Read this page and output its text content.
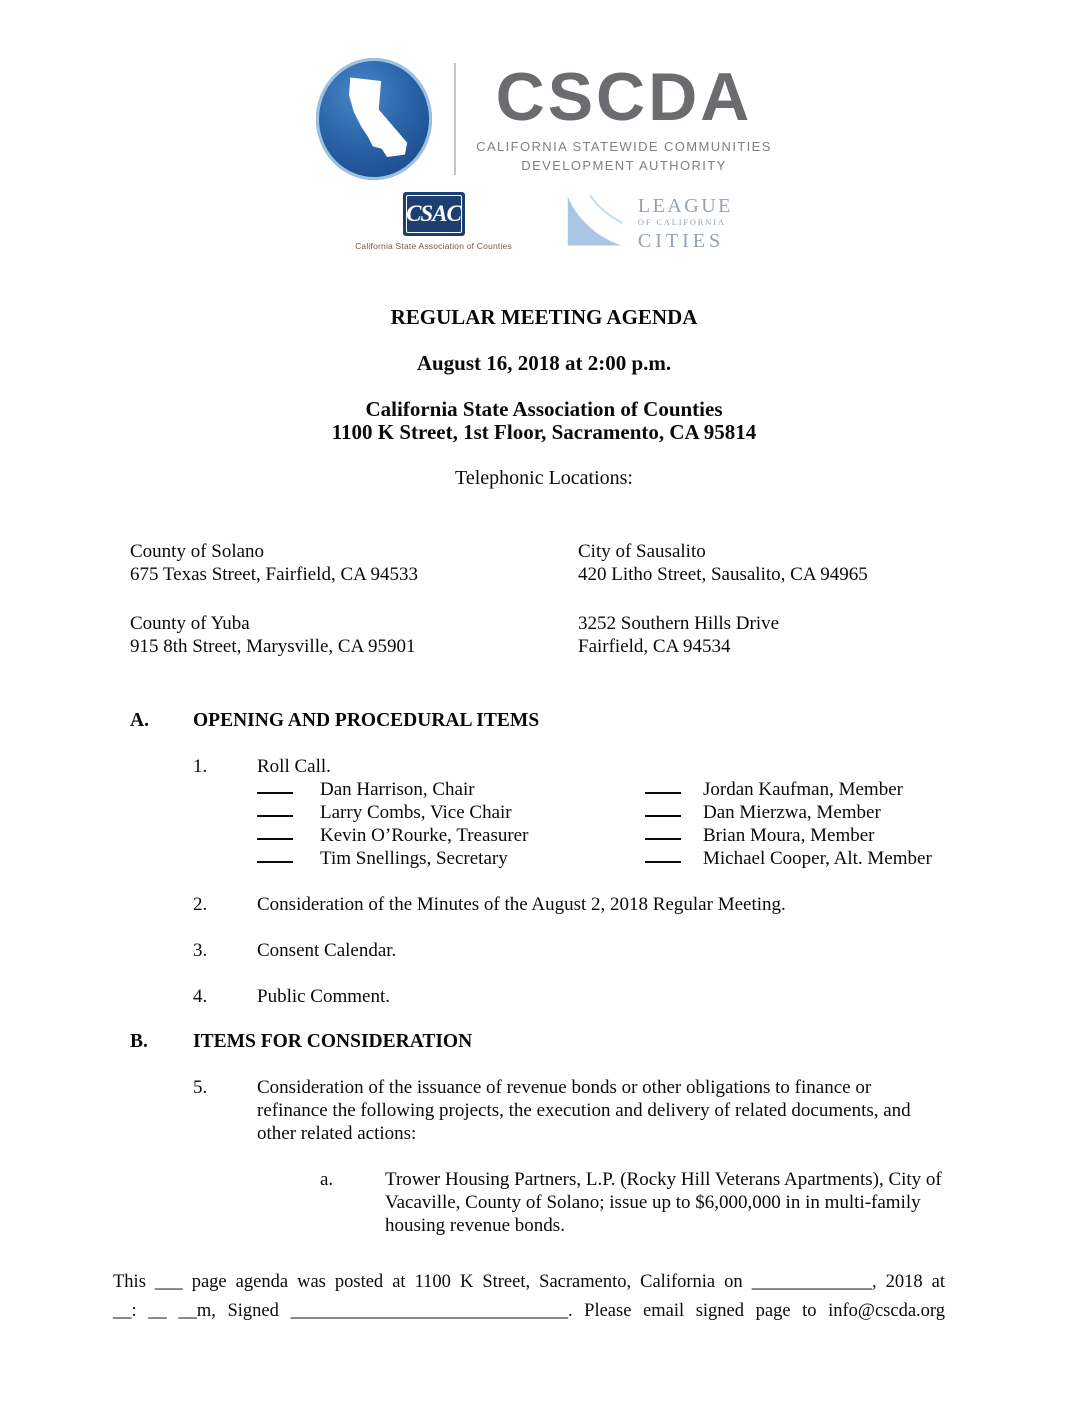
CSCDA
CALIFORNIA STATEWIDE COMMUNITIES
DEVELOPMENT AUTHORITY
CSAC
California State Association of Counties
LEAGUE
OF CALIFORNIA
CITIES

REGULAR MEETING AGENDA

August 16, 2018 at 2:00 p.m.

California State Association of Counties
1100 K Street, 1st Floor, Sacramento, CA 95814

Telephonic Locations:

County of Solano
675 Texas Street, Fairfield, CA 94533
City of Sausalito
420 Litho Street, Sausalito, CA 94965
County of Yuba
915 8th Street, Marysville, CA 95901
3252 Southern Hills Drive
Fairfield, CA 94534
A.	OPENING AND PROCEDURAL ITEMS
1.	Roll Call.
Dan Harrison, Chair	Jordan Kaufman, Member
Larry Combs, Vice Chair	Dan Mierzwa, Member
Kevin O’Rourke, Treasurer	Brian Moura, Member
Tim Snellings, Secretary	Michael Cooper, Alt. Member
2.	Consideration of the Minutes of the August 2, 2018 Regular Meeting.
3.	Consent Calendar.
4.	Public Comment.
B.	ITEMS FOR CONSIDERATION
5.	Consideration of the issuance of revenue bonds or other obligations to finance or refinance the following projects, the execution and delivery of related documents, and other related actions:
a.	Trower Housing Partners, L.P. (Rocky Hill Veterans Apartments), City of Vacaville, County of Solano; issue up to $6,000,000 in in multi-family housing revenue bonds.
This ___ page agenda was posted at 1100 K Street, Sacramento, California on _____________, 2018 at
__: __ __m, Signed ______________________________. Please email signed page to info@cscda.org
